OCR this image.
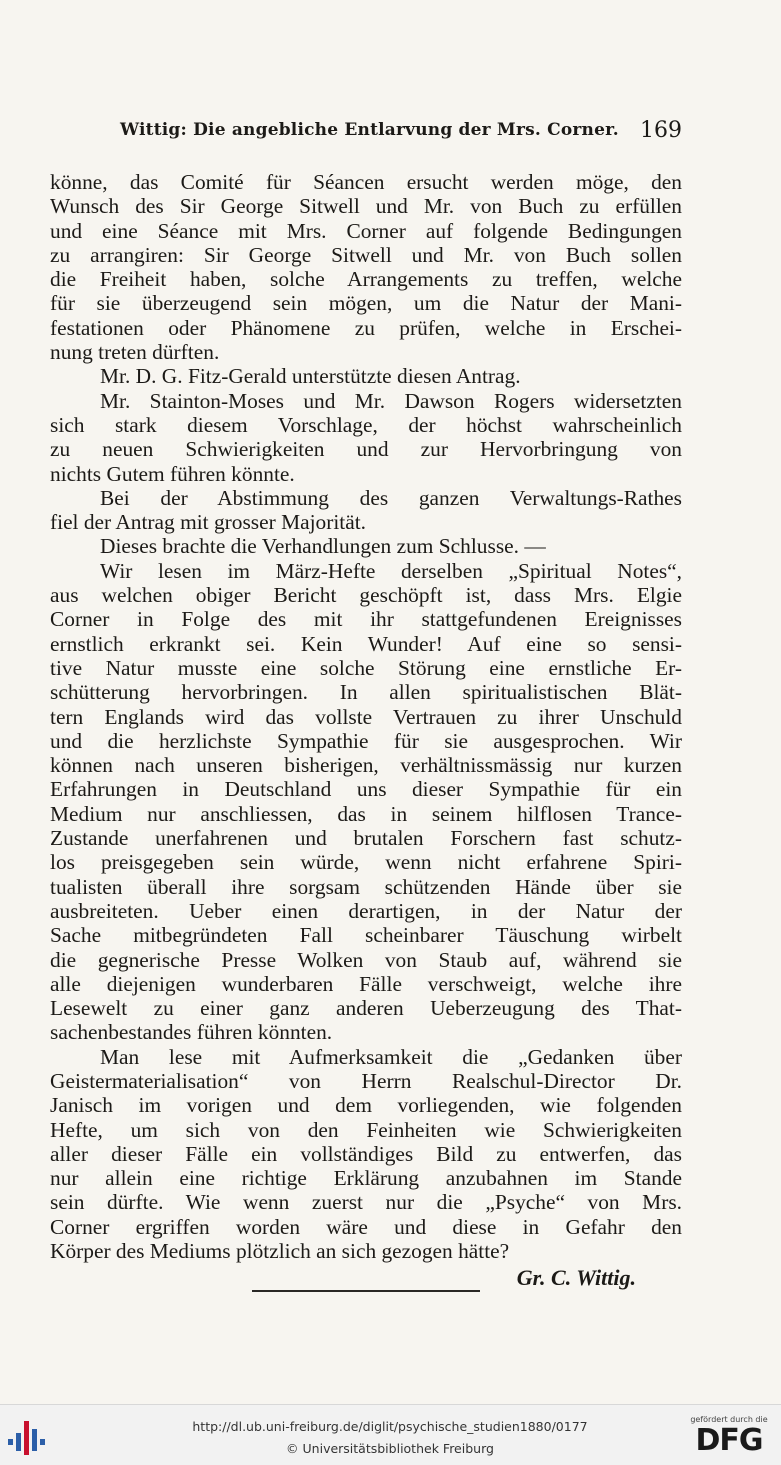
Wittig: Die angebliche Entlarvung der Mrs. Corner. 169
könne, das Comité für Séancen ersucht werden möge, den
Wunsch des Sir George Sitwell und Mr. von Buch zu erfüllen
und eine Séance mit Mrs. Corner auf folgende Bedingungen
zu arrangiren: Sir George Sitwell und Mr. von Buch sollen
die Freiheit haben, solche Arrangements zu treffen, welche
für sie überzeugend sein mögen, um die Natur der Mani-
festationen oder Phänomene zu prüfen, welche in Erschei-
nung treten dürften.
Mr. D. G. Fitz-Gerald unterstützte diesen Antrag.
Mr. Stainton-Moses und Mr. Dawson Rogers widersetzten
sich stark diesem Vorschlage, der höchst wahrscheinlich
zu neuen Schwierigkeiten und zur Hervorbringung von
nichts Gutem führen könnte.
Bei der Abstimmung des ganzen Verwaltungs-Rathes
fiel der Antrag mit grosser Majorität.
Dieses brachte die Verhandlungen zum Schlusse. —
Wir lesen im März-Hefte derselben „Spiritual Notes“,
aus welchen obiger Bericht geschöpft ist, dass Mrs. Elgie
Corner in Folge des mit ihr stattgefundenen Ereignisses
ernstlich erkrankt sei. Kein Wunder! Auf eine so sensi-
tive Natur musste eine solche Störung eine ernstliche Er-
schütterung hervorbringen. In allen spiritualistischen Blät-
tern Englands wird das vollste Vertrauen zu ihrer Unschuld
und die herzlichste Sympathie für sie ausgesprochen. Wir
können nach unseren bisherigen, verhältnissmässig nur kurzen
Erfahrungen in Deutschland uns dieser Sympathie für ein
Medium nur anschliessen, das in seinem hilflosen Trance-
Zustande unerfahrenen und brutalen Forschern fast schutz-
los preisgegeben sein würde, wenn nicht erfahrene Spiri-
tualisten überall ihre sorgsam schützenden Hände über sie
ausbreiteten. Ueber einen derartigen, in der Natur der
Sache mitbegründeten Fall scheinbarer Täuschung wirbelt
die gegnerische Presse Wolken von Staub auf, während sie
alle diejenigen wunderbaren Fälle verschweigt, welche ihre
Lesewelt zu einer ganz anderen Ueberzeugung des That-
sachenbestandes führen könnten.
Man lese mit Aufmerksamkeit die „Gedanken über
Geistermaterialisation“ von Herrn Realschul-Director Dr.
Janisch im vorigen und dem vorliegenden, wie folgenden
Hefte, um sich von den Feinheiten wie Schwierigkeiten
aller dieser Fälle ein vollständiges Bild zu entwerfen, das
nur allein eine richtige Erklärung anzubahnen im Stande
sein dürfte. Wie wenn zuerst nur die „Psyche“ von Mrs.
Corner ergriffen worden wäre und diese in Gefahr den
Körper des Mediums plötzlich an sich gezogen hätte?
Gr. C. Wittig.
http://dl.ub.uni-freiburg.de/diglit/psychische_studien1880/0177
© Universitätsbibliothek Freiburg
gefördert durch die
DFG
